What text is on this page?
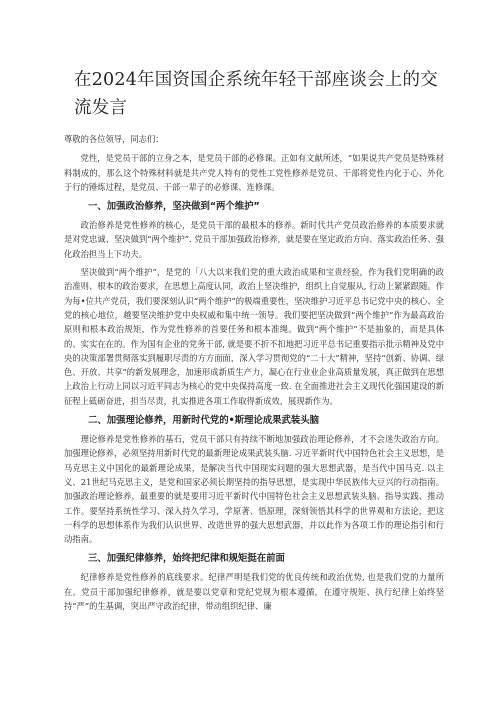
在2024年国资国企系统年轻干部座谈会上的交流发言

尊敬的各位领导，同志们：

党性，是党员干部的立身之本，是党员干部的必修课。正如有文献所述，“如果说共产党员是特殊材料制成的，那么这个特殊材料就是共产党人特有的党性工党性修养是党员、干部将党性内化于心、外化于行的锤炼过程，是党员、干部一辈子的必修课、连修课。

一、加强政治修养，坚决做到“两个维护”

政治修养是党性修养的核心，是党员干部的最根本的修养。新时代共产党员政治修养的本质要求就是对党忠诚、坚决做到“两个维护”. 党员干部加强政治修养，就是要在坚定政治方向、落实政治任务、强化政治担当上下功夫。

坚决做到“两个维护”，是党的「八大以来我们党的重大政治成果和宝贵经验，作为我们党明确的政治准则、根本的政治要求，在思想上高度认同，政治上坚决维护，组织上自觉服从, 行动上紧紧跟随。作为每•位共产党员，我们要深刻认识“两个维护”的极端重要性，坚决维护习近平总书记党中央的核心、全党的核心地位，越要坚决维护党中央权威和集中统一领导。我们要把坚决做到“两个维护”作为最高政治原则和根本政治规矩，作为党性修养的首要任务和根本准绳。做到“两个维护”不是抽象的，而是具体的、实实在在的。作为国有企业的党务干部, 就是要不折不扣地把习近平总书记重要指示批示精神及党中央的决策部署贯彻落实到履职尽责的方方面面，深入学习贯彻党的“二十大”精神，坚持“创新、协调、绿色、开放、共享”的新发展理念，加速形成新质生产力，凝心在行业业企业高质量发展，真正做到在思想上政治上行动上同以习近平同志为核心的党中央保持高度一致. 在全面推进社会主义现代化强国建设的新征程上砥砺奋进，担当尽责，扎实推进各项工作取得新成效，展现新作为。

二、加强理论修养，用新时代党的•斯理论成果武装头脑

理论修养是党性修养的基石，党员干部只有持续不断地加强政治理论修养，才不会迷失政治方向。加强理论修养，必须坚持用新时代党的最新理论成果武装头脑. 习近平新时代中国特色社会主义思想，是马克思主义中国化的最新理论成果，是解决当代中国现实问题的强大思想武器，是当代中国马克. 以主义、21世纪马克思主义，是党和国家必须长期坚持的指导思想，是实现中华民族伟大豆兴的行动指南。加强政治理论修养，最重要的就是要用习近平新时代中国特色社会主义思想武装头脑、指导实践、推动工作。要坚持系统性学习、深入持久学习，学原著、悟原理，深刻领悟其科学的世界观和方法论，把这一科学的思想体系作为我们认识世界、改造世界的强大思想武器，并以此作为各项工作的理论指引和行动指南。

三、加强纪律修养，始终把纪律和规矩挺在前面

纪律修养是党性修养的底线要求。纪律严明是我们党的优良传统和政治优势, 也是我们党的力量所在。党员干部加强纪律修养，就是要以党章和党纪党规为根本遵循，在遵守规矩、执行纪律上始终坚持“严”的生基调，突出严守政治纪律，带动组织纪律、廉
